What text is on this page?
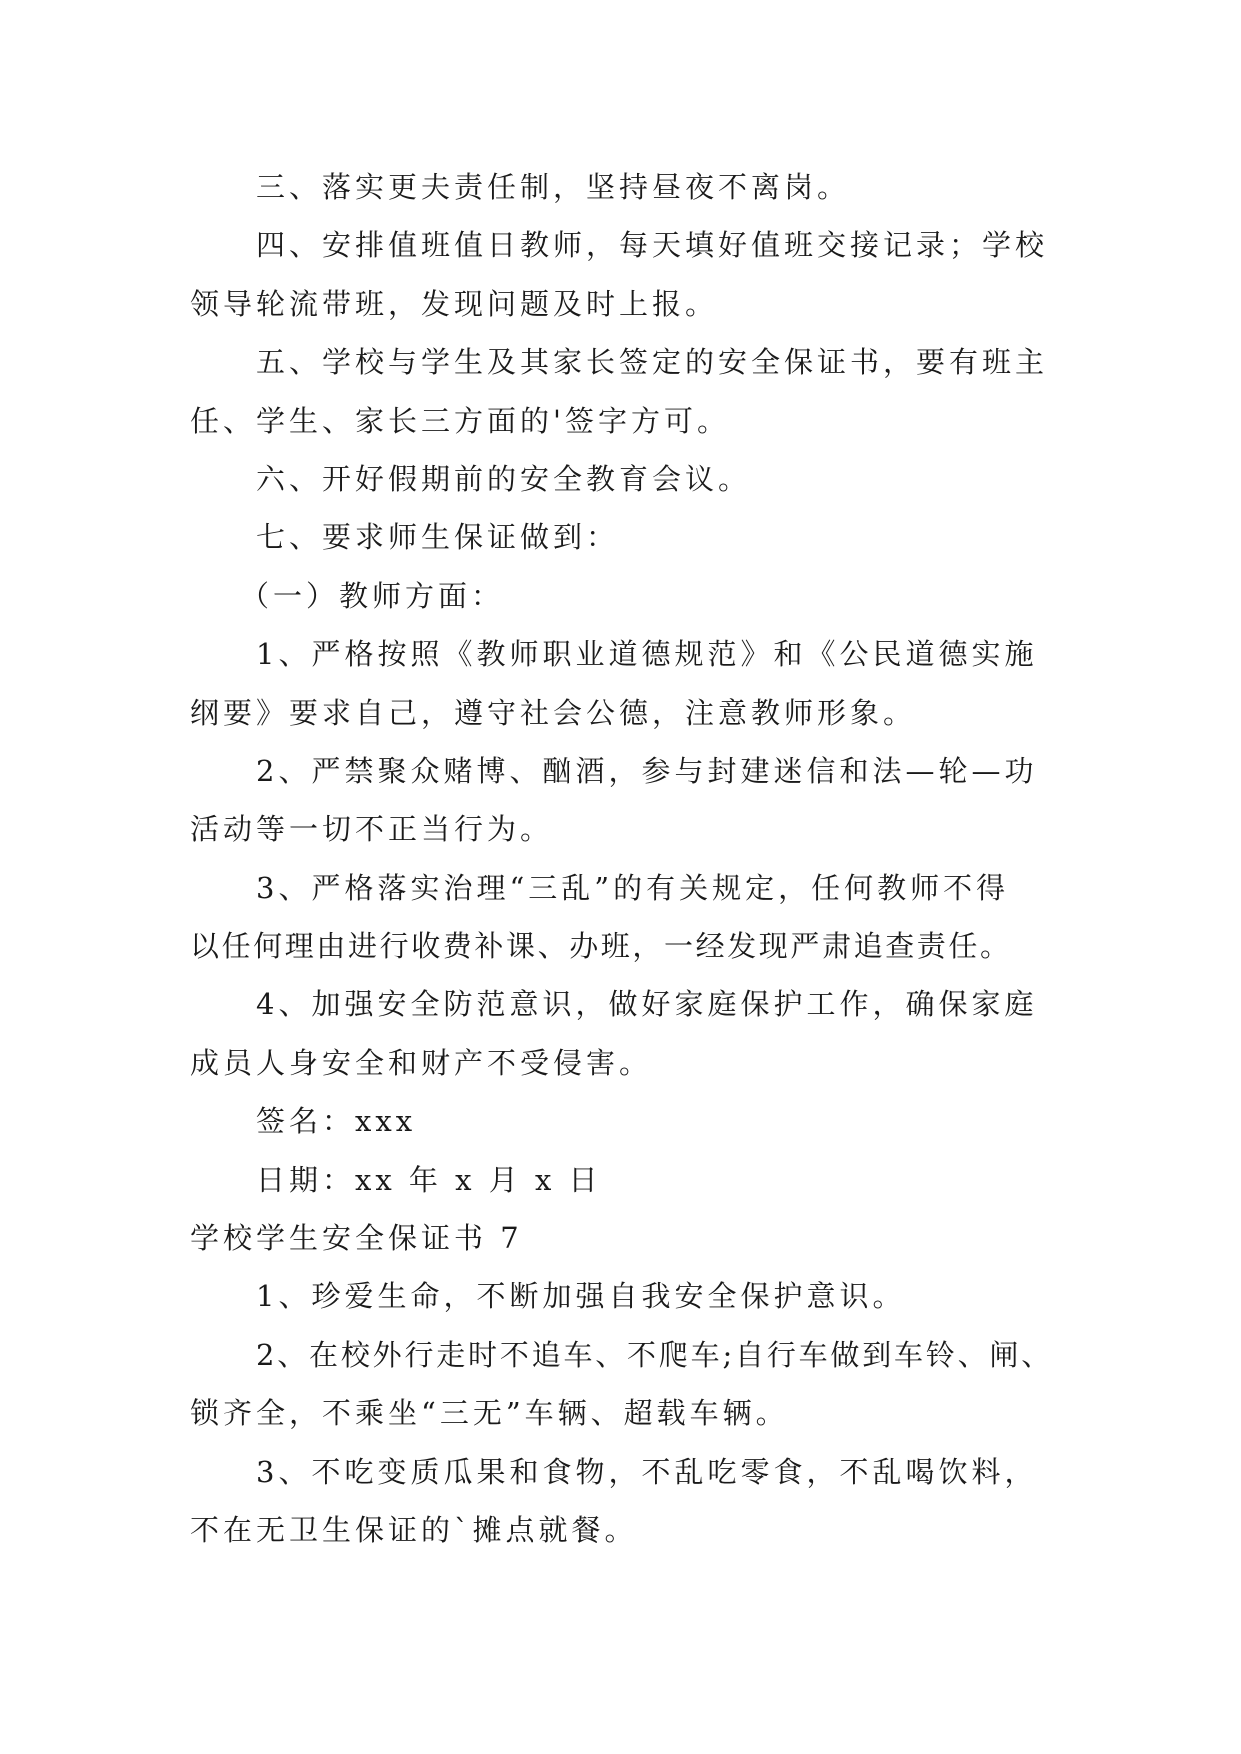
三、落实更夫责任制，坚持昼夜不离岗。
四、安排值班值日教师，每天填好值班交接记录；学校
领导轮流带班，发现问题及时上报。
五、学校与学生及其家长签定的安全保证书，要有班主
任、学生、家长三方面的'签字方可。
六、开好假期前的安全教育会议。
七、要求师生保证做到：
（一）教师方面：
1、严格按照《教师职业道德规范》和《公民道德实施
纲要》要求自己，遵守社会公德，注意教师形象。
2、严禁聚众赌博、酗酒，参与封建迷信和法—轮—功
活动等一切不正当行为。
3、严格落实治理“三乱”的有关规定，任何教师不得
以任何理由进行收费补课、办班，一经发现严肃追查责任。
4、加强安全防范意识，做好家庭保护工作，确保家庭
成员人身安全和财产不受侵害。
签名：xxx
日期：xx 年 x 月 x 日
学校学生安全保证书 7
1、珍爱生命，不断加强自我安全保护意识。
2、在校外行走时不追车、不爬车;自行车做到车铃、闸、
锁齐全，不乘坐“三无”车辆、超载车辆。
3、不吃变质瓜果和食物，不乱吃零食，不乱喝饮料，
不在无卫生保证的`摊点就餐。
